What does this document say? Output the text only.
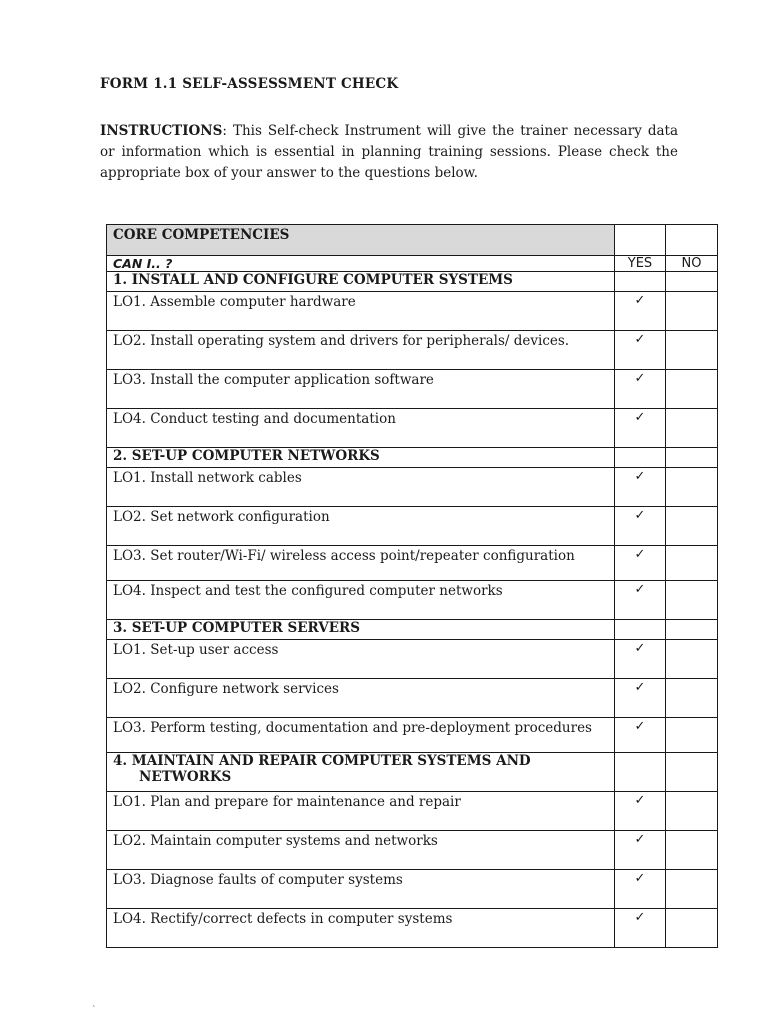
FORM 1.1 SELF-ASSESSMENT CHECK
INSTRUCTIONS: This Self-check Instrument will give the trainer necessary data or information which is essential in planning training sessions. Please check the appropriate box of your answer to the questions below.
CORE COMPETENCIES		
CAN I.. ?	YES	NO
1. INSTALL AND CONFIGURE COMPUTER SYSTEMS		
LO1. Assemble computer hardware	✓	
LO2. Install operating system and drivers for peripherals/ devices.	✓	
LO3. Install the computer application software	✓	
LO4. Conduct testing and documentation	✓	
2. SET-UP COMPUTER NETWORKS		
LO1. Install network cables	✓	
LO2. Set network configuration	✓	
LO3. Set router/Wi-Fi/ wireless access point/repeater configuration	✓	
LO4. Inspect and test the configured computer networks	✓	
3. SET-UP COMPUTER SERVERS		
LO1. Set-up user access	✓	
LO2. Configure network services	✓	
LO3. Perform testing, documentation and pre-deployment procedures	✓	
4. MAINTAIN AND REPAIR COMPUTER SYSTEMS AND
NETWORKS		

LO1. Plan and prepare for maintenance and repair	✓	
LO2. Maintain computer systems and networks	✓	
LO3. Diagnose faults of computer systems	✓	
LO4. Rectify/correct defects in computer systems	✓	
ˋ
